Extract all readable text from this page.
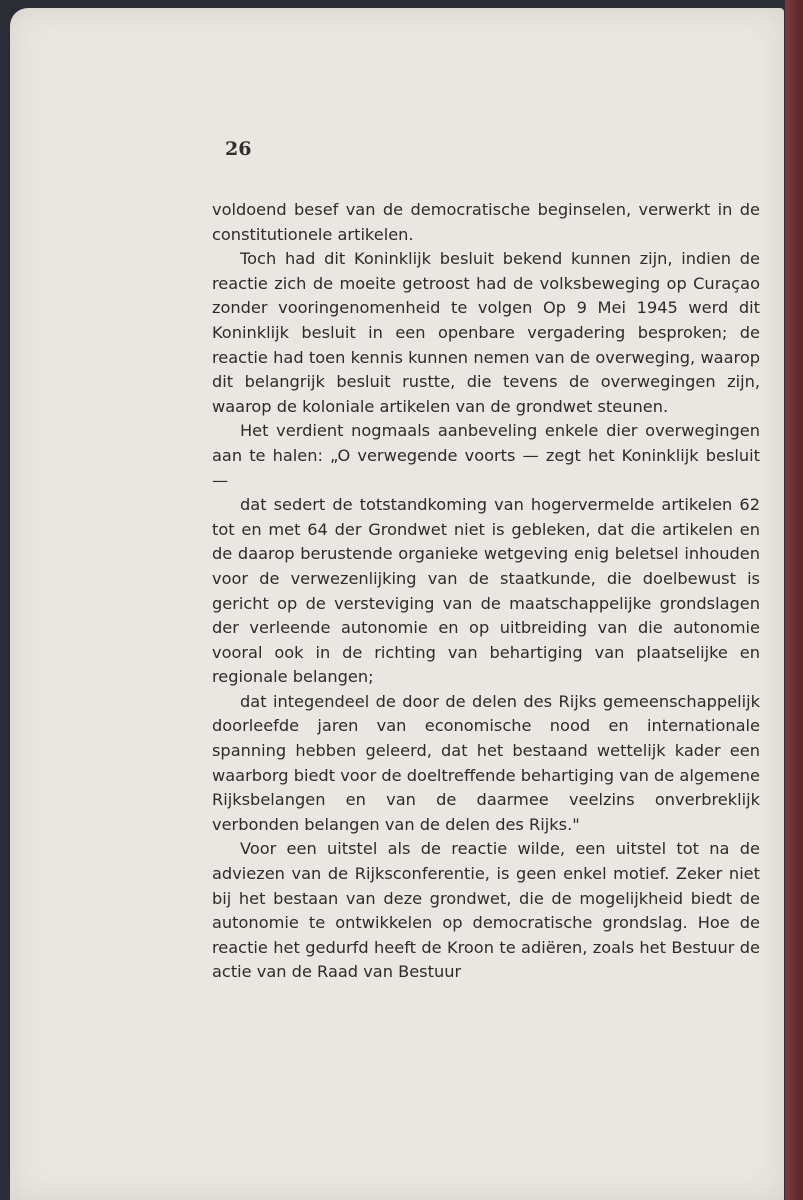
26

voldoend besef van de democratische beginselen, verwerkt in de constitutionele artikelen.

Toch had dit Koninklijk besluit bekend kunnen zijn, indien de reactie zich de moeite getroost had de volksbeweging op Curaçao zonder vooringenomenheid te volgen Op 9 Mei 1945 werd dit Koninklijk besluit in een openbare vergadering besproken; de reactie had toen kennis kunnen nemen van de overweging, waarop dit belangrijk besluit rustte, die tevens de overwegingen zijn, waarop de koloniale artikelen van de grondwet steunen.

Het verdient nogmaals aanbeveling enkele dier overwegingen aan te halen: „O verwegende voorts — zegt het Koninklijk besluit —

dat sedert de totstandkoming van hogervermelde artikelen 62 tot en met 64 der Grondwet niet is gebleken, dat die artikelen en de daarop berustende organieke wetgeving enig beletsel inhouden voor de verwezenlijking van de staatkunde, die doelbewust is gericht op de versteviging van de maatschappelijke grondslagen der verleende autonomie en op uitbreiding van die autonomie vooral ook in de richting van behartiging van plaatselijke en regionale belangen;

dat integendeel de door de delen des Rijks gemeenschappelijk doorleefde jaren van economische nood en internationale spanning hebben geleerd, dat het bestaand wettelijk kader een waarborg biedt voor de doeltreffende behartiging van de algemene Rijksbelangen en van de daarmee veelzins onverbreklijk verbonden belangen van de delen des Rijks."

Voor een uitstel als de reactie wilde, een uitstel tot na de adviezen van de Rijksconferentie, is geen enkel motief. Zeker niet bij het bestaan van deze grondwet, die de mogelijkheid biedt de autonomie te ontwikkelen op democratische grondslag. Hoe de reactie het gedurfd heeft de Kroon te adiëren, zoals het Bestuur de actie van de Raad van Bestuur
